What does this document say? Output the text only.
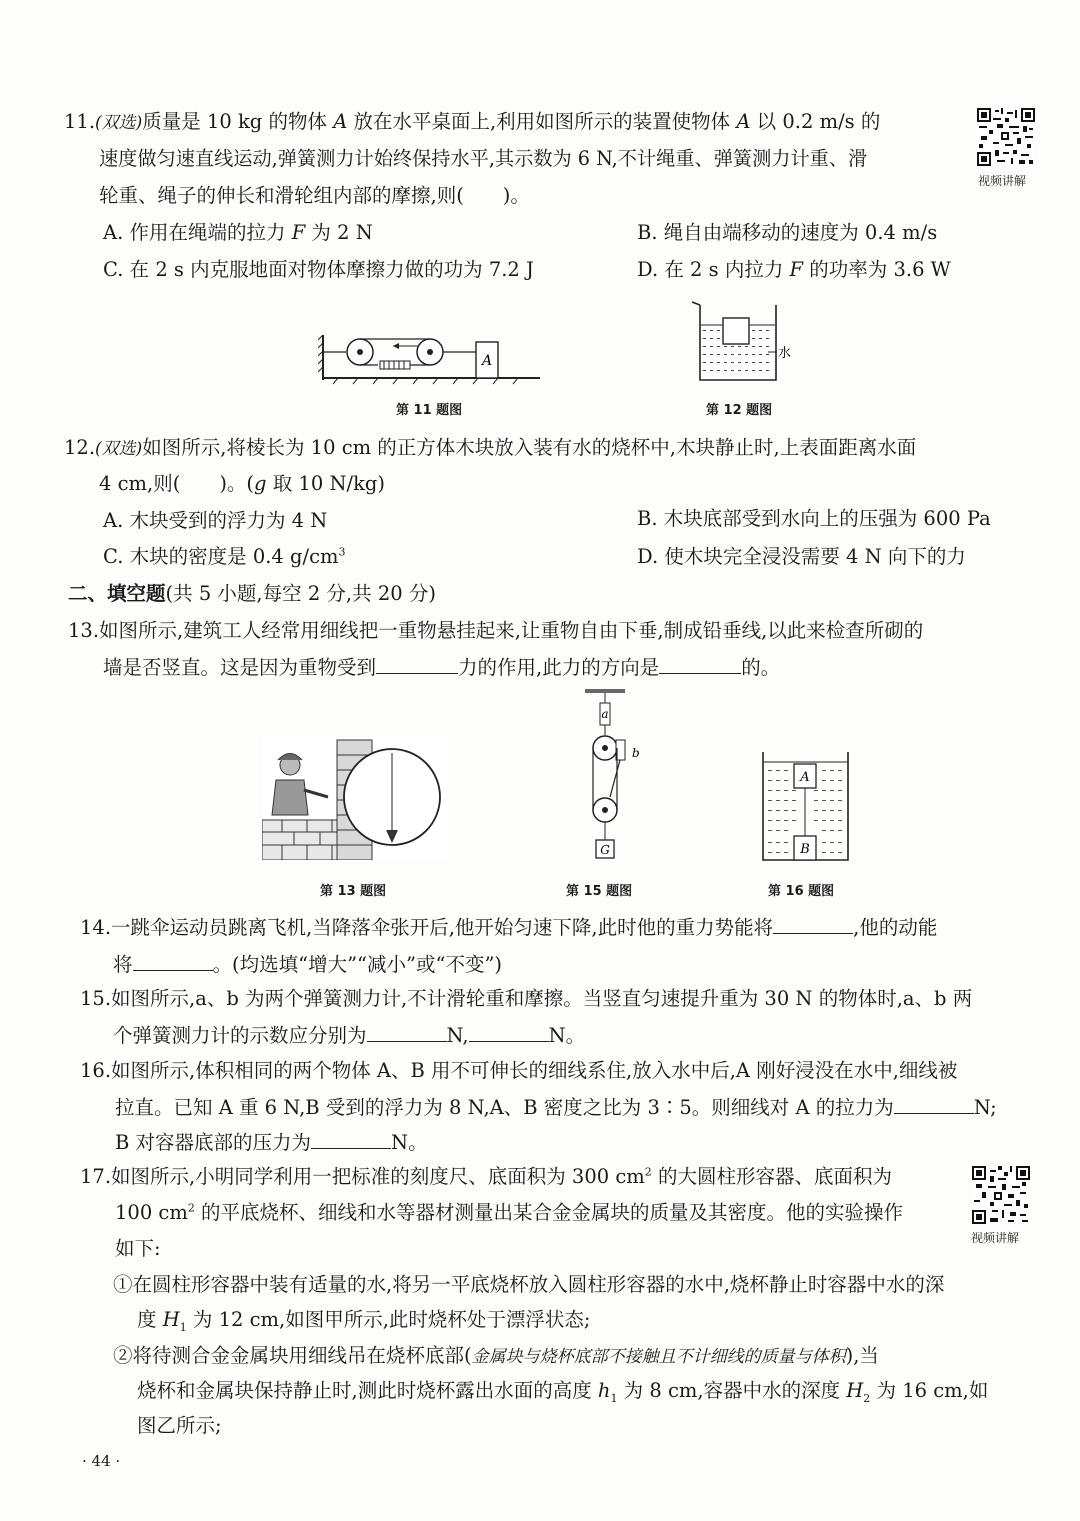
11.(双选)质量是 10 kg 的物体 A 放在水平桌面上,利用如图所示的装置使物体 A 以 0.2 m/s 的
速度做匀速直线运动,弹簧测力计始终保持水平,其示数为 6 N,不计绳重、弹簧测力计重、滑
轮重、绳子的伸长和滑轮组内部的摩擦,则(　　)。
A. 作用在绳端的拉力 F 为 2 N	B. 绳自由端移动的速度为 0.4 m/s
C. 在 2 s 内克服地面对物体摩擦力做的功为 7.2 J	D. 在 2 s 内拉力 F 的功率为 3.6 W
视频讲解
A
第 11 题图
水
第 12 题图
12.(双选)如图所示,将棱长为 10 cm 的正方体木块放入装有水的烧杯中,木块静止时,上表面距离水面
4 cm,则(　　)。(g 取 10 N/kg)
A. 木块受到的浮力为 4 N	B. 木块底部受到水向上的压强为 600 Pa
C. 木块的密度是 0.4 $g/cm^3$	D. 使木块完全浸没需要 4 N 向下的力
二、填空题(共 5 小题,每空 2 分,共 20 分)
13.如图所示,建筑工人经常用细线把一重物悬挂起来,让重物自由下垂,制成铅垂线,以此来检查所砌的
墙是否竖直。这是因为重物受到	力的作用,此力的方向是	的。
第 13 题图
a
b
G
第 15 题图
A
B
第 16 题图
14.一跳伞运动员跳离飞机,当降落伞张开后,他开始匀速下降,此时他的重力势能将	,他的动能
将	。(均选填“增大”“减小”或“不变”)
15.如图所示,a、b 为两个弹簧测力计,不计滑轮重和摩擦。当竖直匀速提升重为 30 N 的物体时,a、b 两
个弹簧测力计的示数应分别为	N,	N。
16.如图所示,体积相同的两个物体 A、B 用不可伸长的细线系住,放入水中后,A 刚好浸没在水中,细线被
拉直。已知 A 重 6 N,B 受到的浮力为 8 N,A、B 密度之比为 3∶5。则细线对 A 的拉力为	N;
B 对容器底部的压力为	N。
17.如图所示,小明同学利用一把标准的刻度尺、底面积为 300 $cm^2$ 的大圆柱形容器、底面积为
100 $cm^2$ 的平底烧杯、细线和水等器材测量出某合金金属块的质量及其密度。他的实验操作
如下:	视频讲解
①在圆柱形容器中装有适量的水,将另一平底烧杯放入圆柱形容器的水中,烧杯静止时容器中水的深
度 $H_1$ 为 12 cm,如图甲所示,此时烧杯处于漂浮状态;
②将待测合金金属块用细线吊在烧杯底部(金属块与烧杯底部不接触且不计细线的质量与体积),当
烧杯和金属块保持静止时,测此时烧杯露出水面的高度 $h_1$ 为 8 cm,容器中水的深度 $H_2$ 为 16 cm,如
图乙所示;
· 44 ·
